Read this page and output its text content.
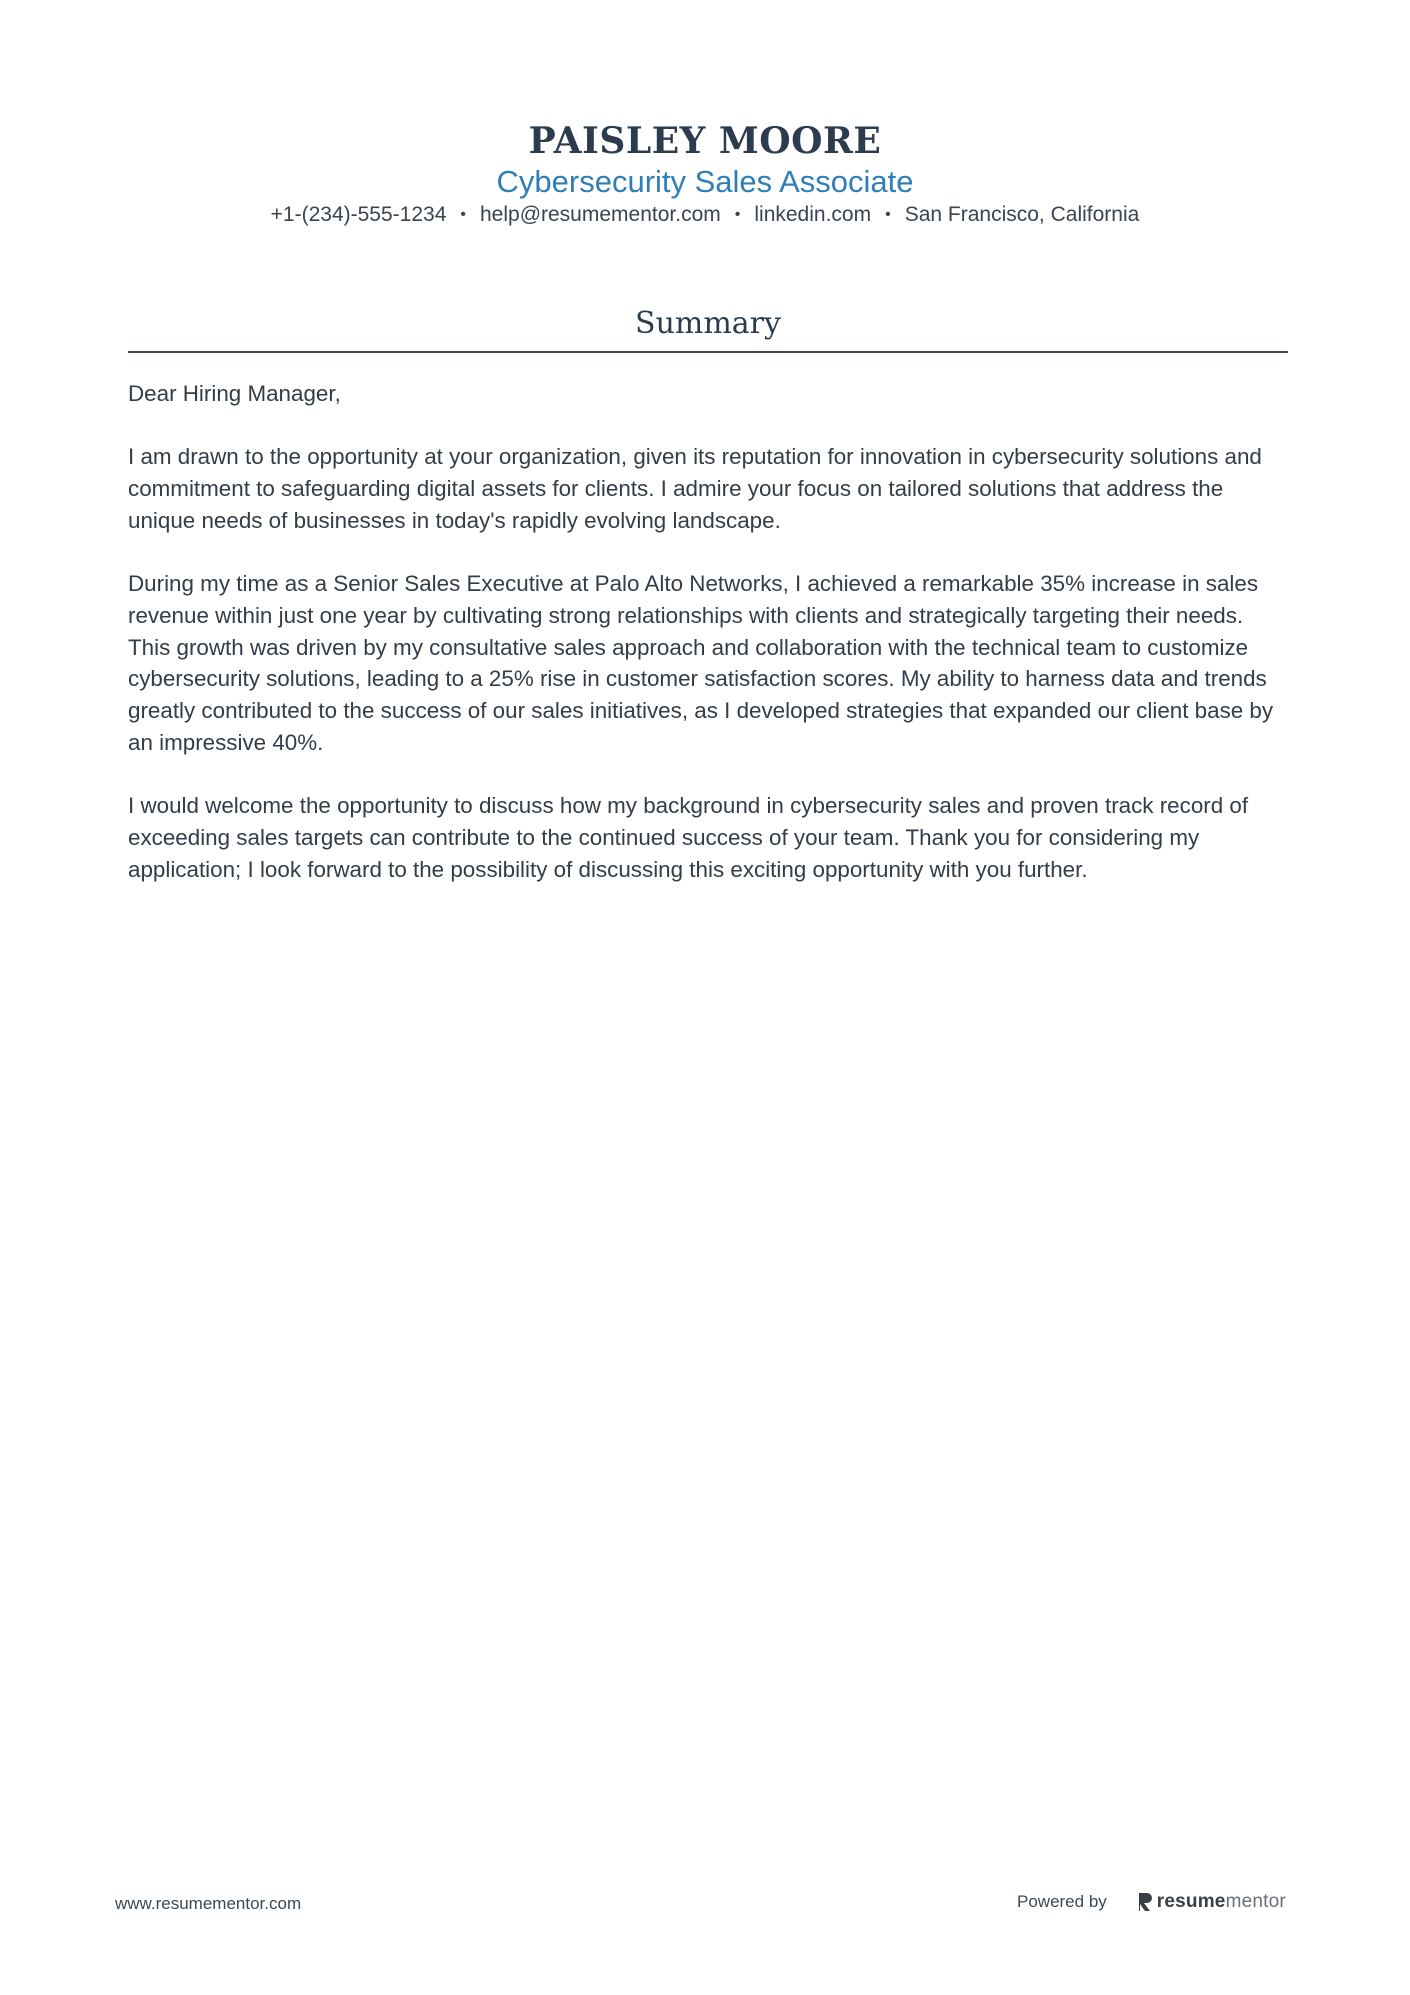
PAISLEY MOORE
Cybersecurity Sales Associate
+1-(234)-555-1234 • help@resumementor.com • linkedin.com • San Francisco, California
Summary

Dear Hiring Manager,

I am drawn to the opportunity at your organization, given its reputation for innovation in cybersecurity solutions and commitment to safeguarding digital assets for clients. I admire your focus on tailored solutions that address the unique needs of businesses in today's rapidly evolving landscape.

During my time as a Senior Sales Executive at Palo Alto Networks, I achieved a remarkable 35% increase in sales revenue within just one year by cultivating strong relationships with clients and strategically targeting their needs. This growth was driven by my consultative sales approach and collaboration with the technical team to customize cybersecurity solutions, leading to a 25% rise in customer satisfaction scores. My ability to harness data and trends greatly contributed to the success of our sales initiatives, as I developed strategies that expanded our client base by an impressive 40%.

I would welcome the opportunity to discuss how my background in cybersecurity sales and proven track record of exceeding sales targets can contribute to the continued success of your team. Thank you for considering my application; I look forward to the possibility of discussing this exciting opportunity with you further.

www.resumementor.com	Powered by	resumementor
